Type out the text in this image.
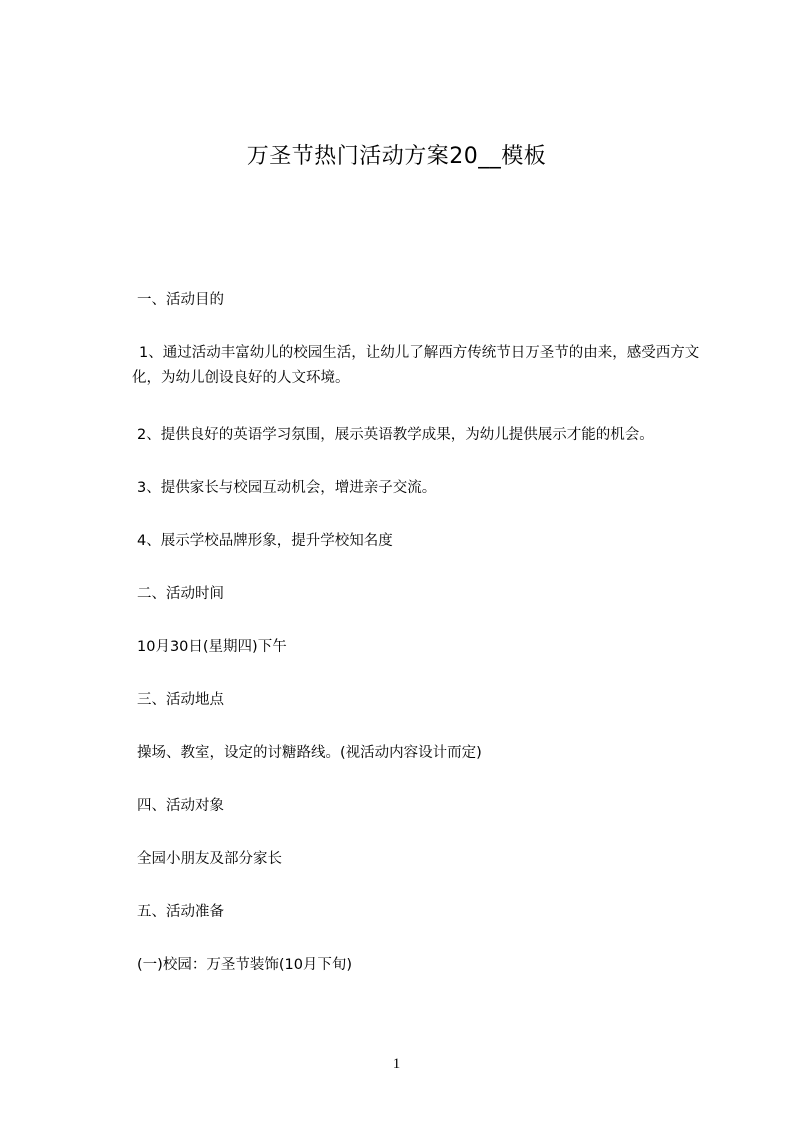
万圣节热门活动方案20__模板
一、活动目的
1、通过活动丰富幼儿的校园生活，让幼儿了解西方传统节日万圣节的由来，感受西方文化，为幼儿创设良好的人文环境。
2、提供良好的英语学习氛围，展示英语教学成果，为幼儿提供展示才能的机会。
3、提供家长与校园互动机会，增进亲子交流。
4、展示学校品牌形象，提升学校知名度
二、活动时间
10月30日(星期四)下午
三、活动地点
操场、教室，设定的讨糖路线。(视活动内容设计而定)
四、活动对象
全园小朋友及部分家长
五、活动准备
(一)校园：万圣节装饰(10月下旬)
1
